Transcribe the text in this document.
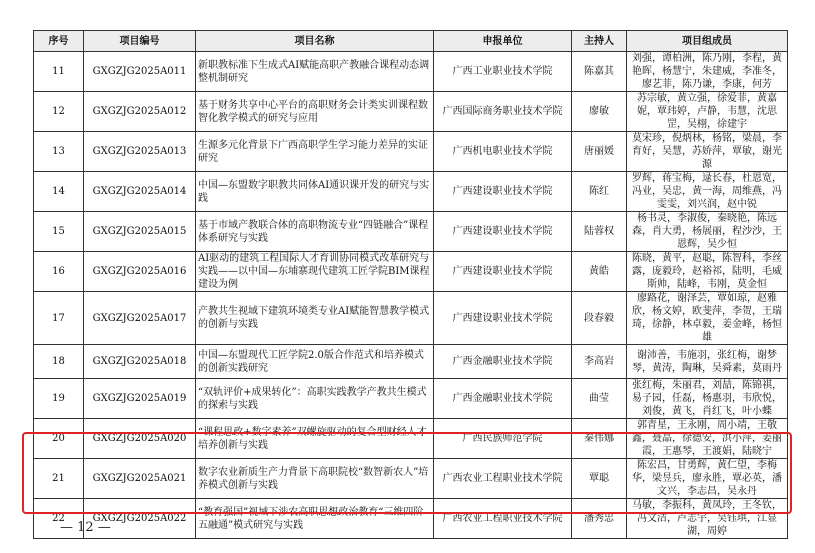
序号	项目编号	项目名称	申报单位	主持人	项目组成员
11	GXGZJG2025A011	新职教标准下生成式AI赋能高职产教融合课程动态调整机制研究	广西工业职业技术学院	陈嘉其	刘强，谭柏洲，陈乃刚，李程，黄艳晖，杨慧宁，朱建威，李准冬，廖艺菲，陈乃谦，李康，何芳
12	GXGZJG2025A012	基于财务共享中心平台的高职财务会计类实训课程数智化教学模式的研究与应用	广西国际商务职业技术学院	廖敏	苏宗敏，黄立强，徐爱菲，黄嘉妮，覃玮婷，卢静，韦慧，沈思罡，吴栩，徐建宇
13	GXGZJG2025A013	生源多元化背景下广西高职学生学习能力差异的实证研究	广西机电职业技术学院	唐丽媛	莫宋珍，倪炳林，杨铭，梁晨，李育好，吴慧，苏娇萍，覃敏，谢光源
14	GXGZJG2025A014	中国—东盟数字职教共同体AI通识课开发的研究与实践	广西建设职业技术学院	陈红	罗辉，蒋宝梅，逯长春，杜恩宽，冯业，吴忠，黄一海，周维燕，冯雯雯，刘兴润，赵中锐
15	GXGZJG2025A015	基于市域产教联合体的高职物流专业“四链融合”课程体系研究与实践	广西建设职业技术学院	陆蓉权	杨书灵，李淑俊，秦晓艳，陈远森，肖大勇，杨展丽，程沙沙，王恩辉，吴少恒
16	GXGZJG2025A016	AI驱动的建筑工程国际人才育训协同模式改革研究与实践——以中国—东埔寨现代建筑工匠学院BIM课程建设为例	广西建设职业技术学院	黄皓	陈晓，黄平，赵聪，陈智科，李丝露，庞毅玲，赵裕祁，陆明，毛威斯帅，陆峰，韦刚，莫金恒
17	GXGZJG2025A017	产教共生视域下建筑环境类专业AI赋能智慧教学模式的创新与实践	广西建设职业技术学院	段春毅	廖路花，谢泽芸，覃如琼，赵雅欣，杨文婷，欧斐萍，李贺，王瑞琦，徐静，林卓毅，姜金峰，杨恒雄
18	GXGZJG2025A018	中国—东盟现代工匠学院2.0版合作范式和培养模式的创新实践研究	广西金融职业技术学院	李高岩	谢沛善，韦施羽，张红梅，谢梦琴，黄涛，陶琳，吴舜素，莫雨丹
19	GXGZJG2025A019	“双轨评价+成果转化”：高职实践教学产教共生模式的探索与实践	广西金融职业技术学院	曲莹	张红梅，朱丽君，刘喆，陈锦祺，易子园，任磊，杨惠羽，韦欣悦，刘俊，黄飞，肖红飞，叶小蝶
20	GXGZJG2025A020	“课程思政+数字素养”双螺旋驱动的复合型财经人才培养创新与实践	广西民族师范学院	秦伟娜	郭青星，王永刚，周小靖，王敬鑫，聂晶，徐德安，洪小萍，姜丽霞，王惠琴，王渡娟，陆晓宁
21	GXGZJG2025A021	数字农业新质生产力背景下高职院校“数智新农人”培养模式创新与实践	广西农业工程职业技术学院	覃聪	陈宏昌，甘勇辉，黄仁望，李梅华，梁昱兵，廖永胜，覃必英，潘文兴，李志昌，吴永丹
22	GXGZJG2025A022	“教育强国”视域下涉农高职思想政治教育“三维四阶五融通”模式研究与实践	广西农业工程职业技术学院	潘秀忠	马敏，李振科，黄凤玲，王冬钦，冯文洁，卢志宇，吴钰琪，江显湖，周婷
— 12 —
